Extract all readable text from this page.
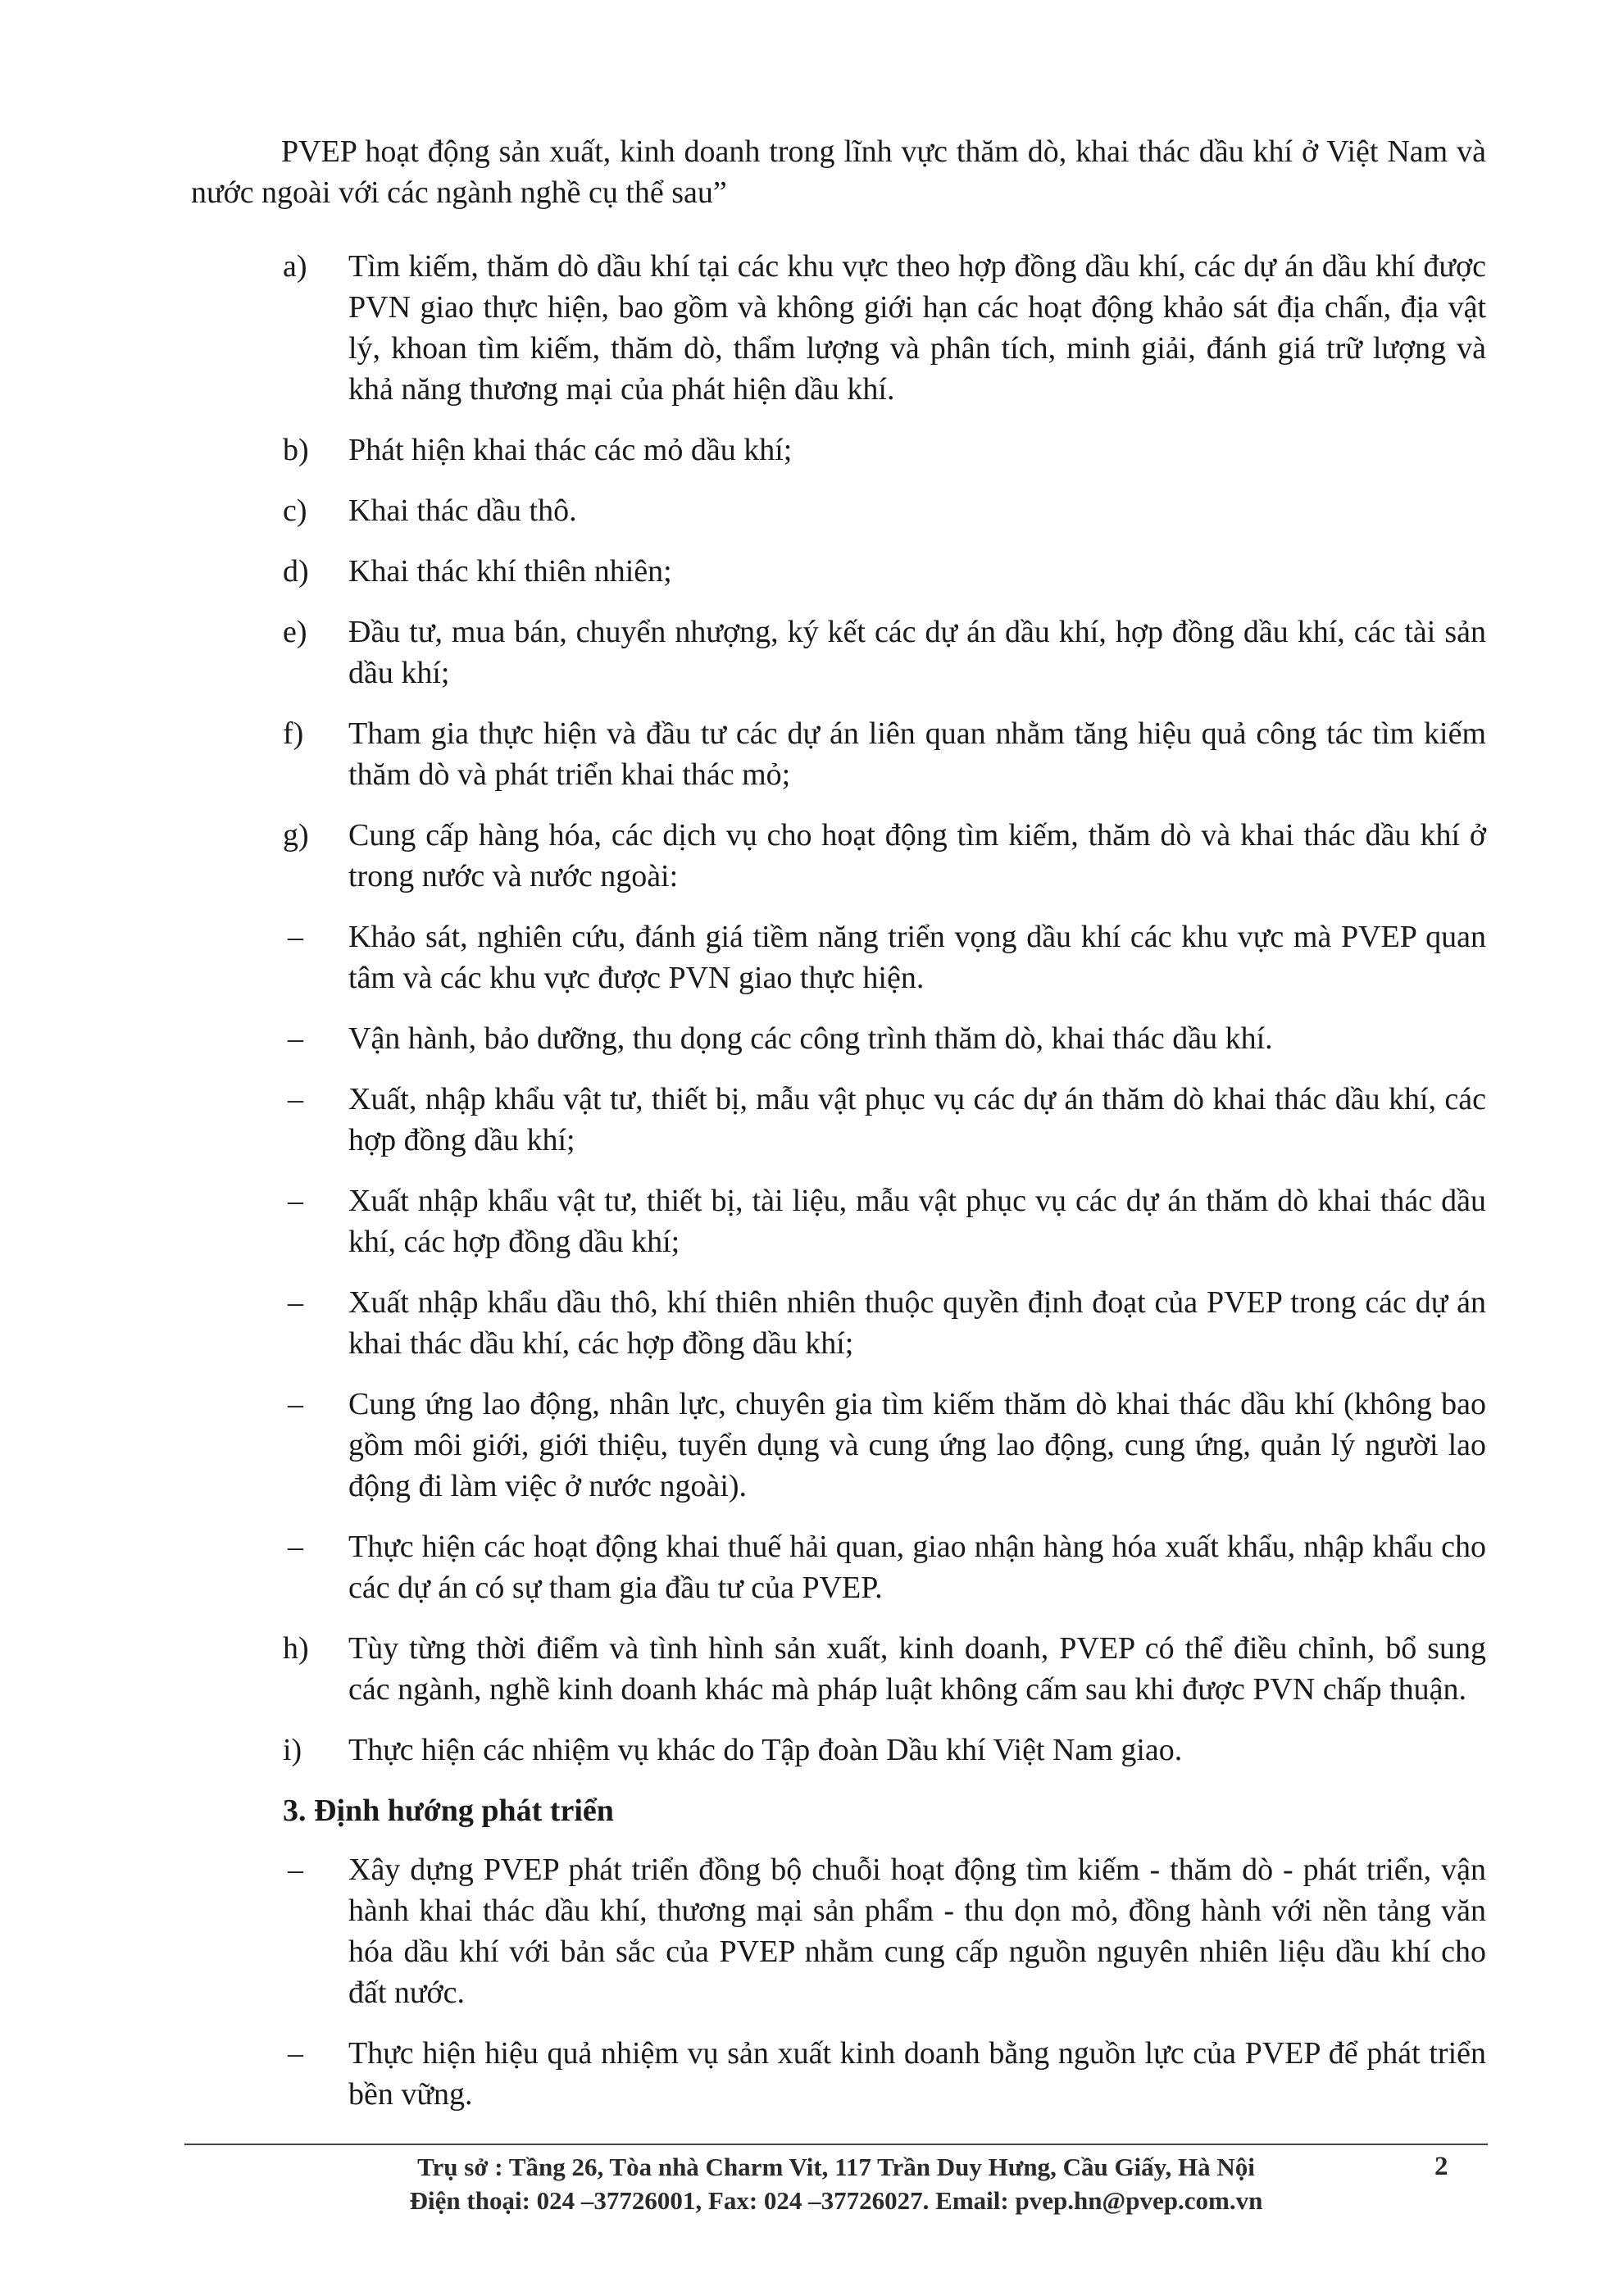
PVEP hoạt động sản xuất, kinh doanh trong lĩnh vực thăm dò, khai thác dầu khí ở Việt Nam và nước ngoài với các ngành nghề cụ thể sau”

a)	Tìm kiếm, thăm dò dầu khí tại các khu vực theo hợp đồng dầu khí, các dự án dầu khí được PVN giao thực hiện, bao gồm và không giới hạn các hoạt động khảo sát địa chấn, địa vật lý, khoan tìm kiếm, thăm dò, thẩm lượng và phân tích, minh giải, đánh giá trữ lượng và khả năng thương mại của phát hiện dầu khí.
b)	Phát hiện khai thác các mỏ dầu khí;
c)	Khai thác dầu thô.
d)	Khai thác khí thiên nhiên;
e)	Đầu tư, mua bán, chuyển nhượng, ký kết các dự án dầu khí, hợp đồng dầu khí, các tài sản dầu khí;
f)	Tham gia thực hiện và đầu tư các dự án liên quan nhằm tăng hiệu quả công tác tìm kiếm thăm dò và phát triển khai thác mỏ;
g)	Cung cấp hàng hóa, các dịch vụ cho hoạt động tìm kiếm, thăm dò và khai thác dầu khí ở trong nước và nước ngoài:
–	Khảo sát, nghiên cứu, đánh giá tiềm năng triển vọng dầu khí các khu vực mà PVEP quan tâm và các khu vực được PVN giao thực hiện.
–	Vận hành, bảo dưỡng, thu dọng các công trình thăm dò, khai thác dầu khí.
–	Xuất, nhập khẩu vật tư, thiết bị, mẫu vật phục vụ các dự án thăm dò khai thác dầu khí, các hợp đồng dầu khí;
–	Xuất nhập khẩu vật tư, thiết bị, tài liệu, mẫu vật phục vụ các dự án thăm dò khai thác dầu khí, các hợp đồng dầu khí;
–	Xuất nhập khẩu dầu thô, khí thiên nhiên thuộc quyền định đoạt của PVEP trong các dự án khai thác dầu khí, các hợp đồng dầu khí;
–	Cung ứng lao động, nhân lực, chuyên gia tìm kiếm thăm dò khai thác dầu khí (không bao gồm môi giới, giới thiệu, tuyển dụng và cung ứng lao động, cung ứng, quản lý người lao động đi làm việc ở nước ngoài).
–	Thực hiện các hoạt động khai thuế hải quan, giao nhận hàng hóa xuất khẩu, nhập khẩu cho các dự án có sự tham gia đầu tư của PVEP.
h)	Tùy từng thời điểm và tình hình sản xuất, kinh doanh, PVEP có thể điều chỉnh, bổ sung các ngành, nghề kinh doanh khác mà pháp luật không cấm sau khi được PVN chấp thuận.
i)	Thực hiện các nhiệm vụ khác do Tập đoàn Dầu khí Việt Nam giao.

3. Định hướng phát triển

–	Xây dựng PVEP phát triển đồng bộ chuỗi hoạt động tìm kiếm - thăm dò - phát triển, vận hành khai thác dầu khí, thương mại sản phẩm - thu dọn mỏ, đồng hành với nền tảng văn hóa dầu khí với bản sắc của PVEP nhằm cung cấp nguồn nguyên nhiên liệu dầu khí cho đất nước.
–	Thực hiện hiệu quả nhiệm vụ sản xuất kinh doanh bằng nguồn lực của PVEP để phát triển bền vững.
Trụ sở : Tầng 26, Tòa nhà Charm Vit, 117 Trần Duy Hưng, Cầu Giấy, Hà Nội
Điện thoại: 024 –37726001, Fax: 024 –37726027. Email: pvep.hn@pvep.com.vn
2
